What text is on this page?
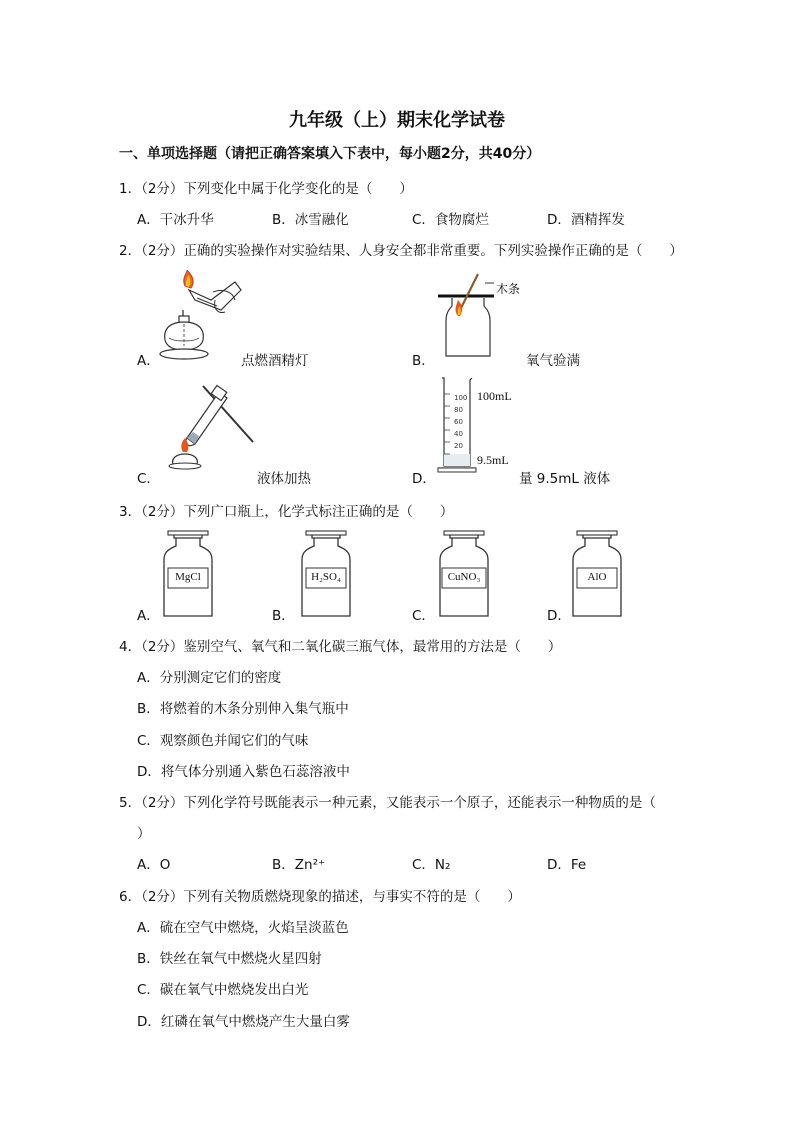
九年级（上）期末化学试卷
一、单项选择题（请把正确答案填入下表中，每小题2分，共40分）
1．（2分）下列变化中属于化学变化的是（　　）
A．干冰升华	B．冰雪融化	C．食物腐烂	D．酒精挥发
2．（2分）正确的实验操作对实验结果、人身安全都非常重要。下列实验操作正确的是（　　）
A．	点燃酒精灯
木条
B．	氧气验满
C．	液体加热
100
80
60
40
20
100mL
9.5mL
D．	量 9.5mL 液体
3．（2分）下列广口瓶上，化学式标注正确的是（　　）
MgCl	H₂SO₄	CuNO₃	AlO
A．	B．	C．	D．
4．（2分）鉴别空气、氧气和二氧化碳三瓶气体，最常用的方法是（　　）
A．分别测定它们的密度
B．将燃着的木条分别伸入集气瓶中
C．观察颜色并闻它们的气味
D．将气体分别通入紫色石蕊溶液中
5．（2分）下列化学符号既能表示一种元素，又能表示一个原子，还能表示一种物质的是（
）
A．O	B．Zn²⁺	C．N₂	D．Fe
6．（2分）下列有关物质燃烧现象的描述，与事实不符的是（　　）
A．硫在空气中燃烧，火焰呈淡蓝色
B．铁丝在氧气中燃烧火星四射
C．碳在氧气中燃烧发出白光
D．红磷在氧气中燃烧产生大量白雾
